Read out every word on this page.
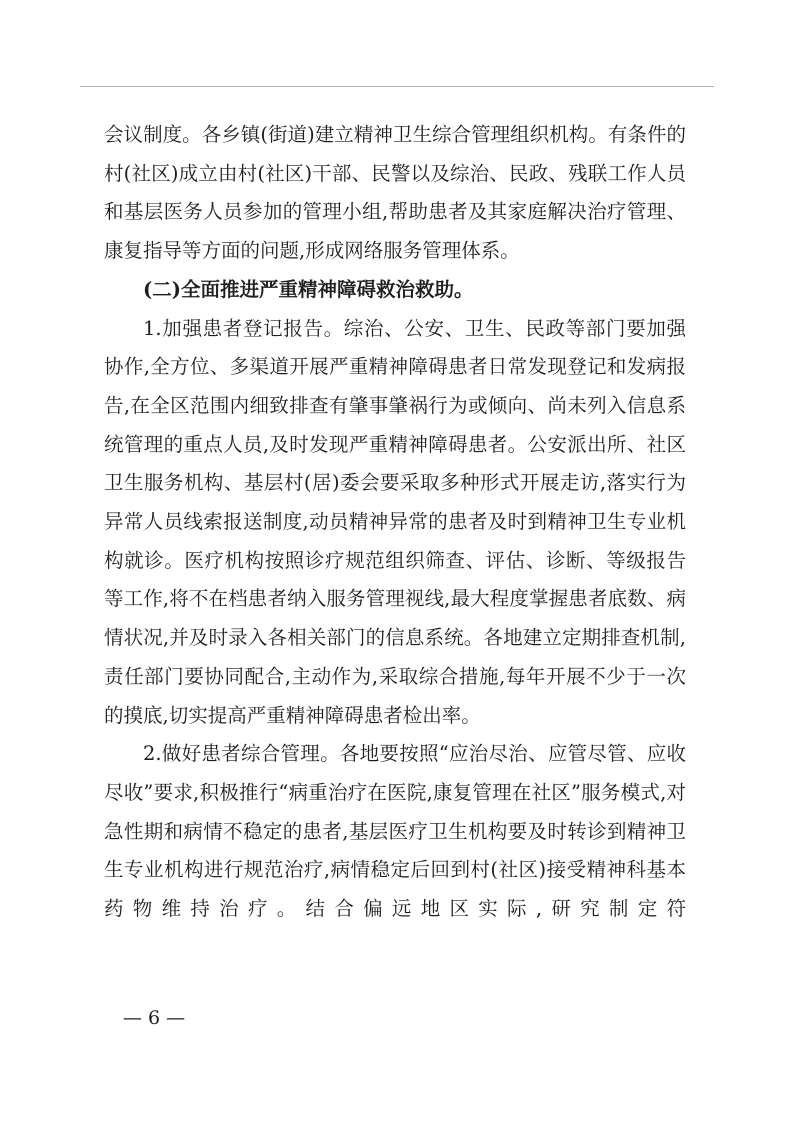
会议制度。各乡镇(街道)建立精神卫生综合管理组织机构。有条件的村(社区)成立由村(社区)干部、民警以及综治、民政、残联工作人员和基层医务人员参加的管理小组,帮助患者及其家庭解决治疗管理、康复指导等方面的问题,形成网络服务管理体系。

(二)全面推进严重精神障碍救治救助。

1.加强患者登记报告。综治、公安、卫生、民政等部门要加强协作,全方位、多渠道开展严重精神障碍患者日常发现登记和发病报告,在全区范围内细致排查有肇事肇祸行为或倾向、尚未列入信息系统管理的重点人员,及时发现严重精神障碍患者。公安派出所、社区卫生服务机构、基层村(居)委会要采取多种形式开展走访,落实行为异常人员线索报送制度,动员精神异常的患者及时到精神卫生专业机构就诊。医疗机构按照诊疗规范组织筛查、评估、诊断、等级报告等工作,将不在档患者纳入服务管理视线,最大程度掌握患者底数、病情状况,并及时录入各相关部门的信息系统。各地建立定期排查机制,责任部门要协同配合,主动作为,采取综合措施,每年开展不少于一次的摸底,切实提高严重精神障碍患者检出率。

2.做好患者综合管理。各地要按照“应治尽治、应管尽管、应收尽收”要求,积极推行“病重治疗在医院,康复管理在社区”服务模式,对急性期和病情不稳定的患者,基层医疗卫生机构要及时转诊到精神卫生专业机构进行规范治疗,病情稳定后回到村(社区)接受精神科基本药物维持治疗。结合偏远地区实际,研究制定符

— 6 —
